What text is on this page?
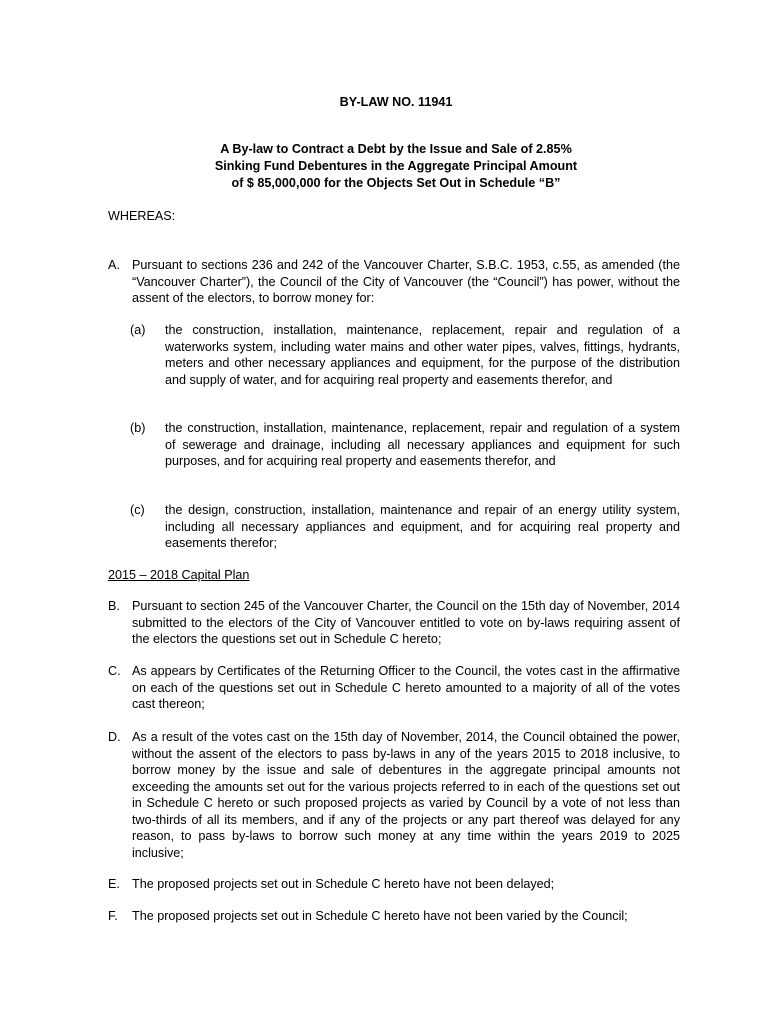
BY-LAW NO. 11941
A By-law to Contract a Debt by the Issue and Sale of 2.85%
Sinking Fund Debentures in the Aggregate Principal Amount
of $ 85,000,000 for the Objects Set Out in Schedule “B”
WHEREAS:
A. Pursuant to sections 236 and 242 of the Vancouver Charter, S.B.C. 1953, c.55, as amended (the “Vancouver Charter”), the Council of the City of Vancouver (the “Council”) has power, without the assent of the electors, to borrow money for:
(a) the construction, installation, maintenance, replacement, repair and regulation of a waterworks system, including water mains and other water pipes, valves, fittings, hydrants, meters and other necessary appliances and equipment, for the purpose of the distribution and supply of water, and for acquiring real property and easements therefor, and
(b) the construction, installation, maintenance, replacement, repair and regulation of a system of sewerage and drainage, including all necessary appliances and equipment for such purposes, and for acquiring real property and easements therefor, and
(c) the design, construction, installation, maintenance and repair of an energy utility system, including all necessary appliances and equipment, and for acquiring real property and easements therefor;
2015 – 2018 Capital Plan
B. Pursuant to section 245 of the Vancouver Charter, the Council on the 15th day of November, 2014 submitted to the electors of the City of Vancouver entitled to vote on by-laws requiring assent of the electors the questions set out in Schedule C hereto;
C. As appears by Certificates of the Returning Officer to the Council, the votes cast in the affirmative on each of the questions set out in Schedule C hereto amounted to a majority of all of the votes cast thereon;
D. As a result of the votes cast on the 15th day of November, 2014, the Council obtained the power, without the assent of the electors to pass by-laws in any of the years 2015 to 2018 inclusive, to borrow money by the issue and sale of debentures in the aggregate principal amounts not exceeding the amounts set out for the various projects referred to in each of the questions set out in Schedule C hereto or such proposed projects as varied by Council by a vote of not less than two-thirds of all its members, and if any of the projects or any part thereof was delayed for any reason, to pass by-laws to borrow such money at any time within the years 2019 to 2025 inclusive;
E. The proposed projects set out in Schedule C hereto have not been delayed;
F. The proposed projects set out in Schedule C hereto have not been varied by the Council;
